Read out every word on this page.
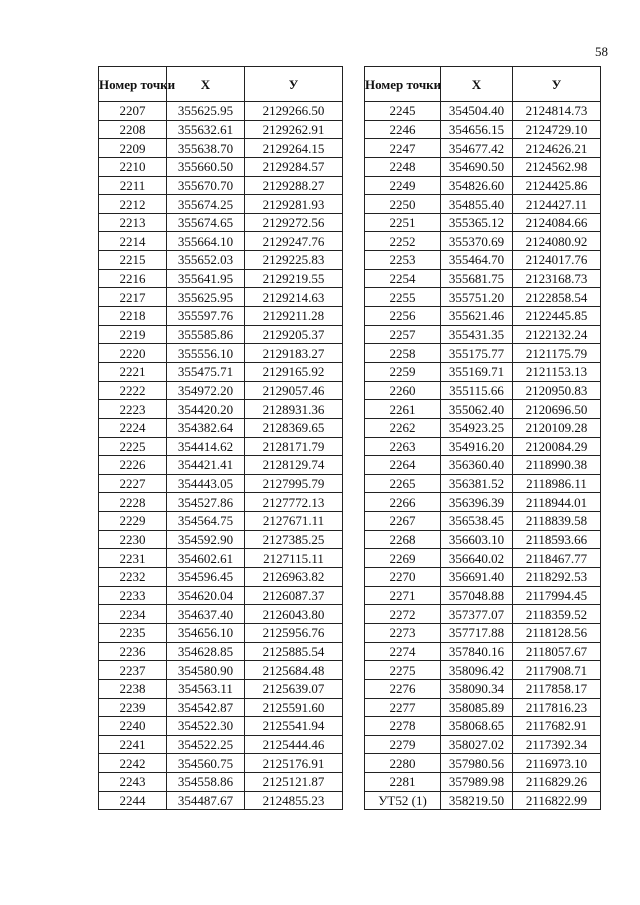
58
Номер точки	X	У
2207	355625.95	2129266.50
2208	355632.61	2129262.91
2209	355638.70	2129264.15
2210	355660.50	2129284.57
2211	355670.70	2129288.27
2212	355674.25	2129281.93
2213	355674.65	2129272.56
2214	355664.10	2129247.76
2215	355652.03	2129225.83
2216	355641.95	2129219.55
2217	355625.95	2129214.63
2218	355597.76	2129211.28
2219	355585.86	2129205.37
2220	355556.10	2129183.27
2221	355475.71	2129165.92
2222	354972.20	2129057.46
2223	354420.20	2128931.36
2224	354382.64	2128369.65
2225	354414.62	2128171.79
2226	354421.41	2128129.74
2227	354443.05	2127995.79
2228	354527.86	2127772.13
2229	354564.75	2127671.11
2230	354592.90	2127385.25
2231	354602.61	2127115.11
2232	354596.45	2126963.82
2233	354620.04	2126087.37
2234	354637.40	2126043.80
2235	354656.10	2125956.76
2236	354628.85	2125885.54
2237	354580.90	2125684.48
2238	354563.11	2125639.07
2239	354542.87	2125591.60
2240	354522.30	2125541.94
2241	354522.25	2125444.46
2242	354560.75	2125176.91
2243	354558.86	2125121.87
2244	354487.67	2124855.23
Номер точки	X	У
2245	354504.40	2124814.73
2246	354656.15	2124729.10
2247	354677.42	2124626.21
2248	354690.50	2124562.98
2249	354826.60	2124425.86
2250	354855.40	2124427.11
2251	355365.12	2124084.66
2252	355370.69	2124080.92
2253	355464.70	2124017.76
2254	355681.75	2123168.73
2255	355751.20	2122858.54
2256	355621.46	2122445.85
2257	355431.35	2122132.24
2258	355175.77	2121175.79
2259	355169.71	2121153.13
2260	355115.66	2120950.83
2261	355062.40	2120696.50
2262	354923.25	2120109.28
2263	354916.20	2120084.29
2264	356360.40	2118990.38
2265	356381.52	2118986.11
2266	356396.39	2118944.01
2267	356538.45	2118839.58
2268	356603.10	2118593.66
2269	356640.02	2118467.77
2270	356691.40	2118292.53
2271	357048.88	2117994.45
2272	357377.07	2118359.52
2273	357717.88	2118128.56
2274	357840.16	2118057.67
2275	358096.42	2117908.71
2276	358090.34	2117858.17
2277	358085.89	2117816.23
2278	358068.65	2117682.91
2279	358027.02	2117392.34
2280	357980.56	2116973.10
2281	357989.98	2116829.26
УТ52 (1)	358219.50	2116822.99
